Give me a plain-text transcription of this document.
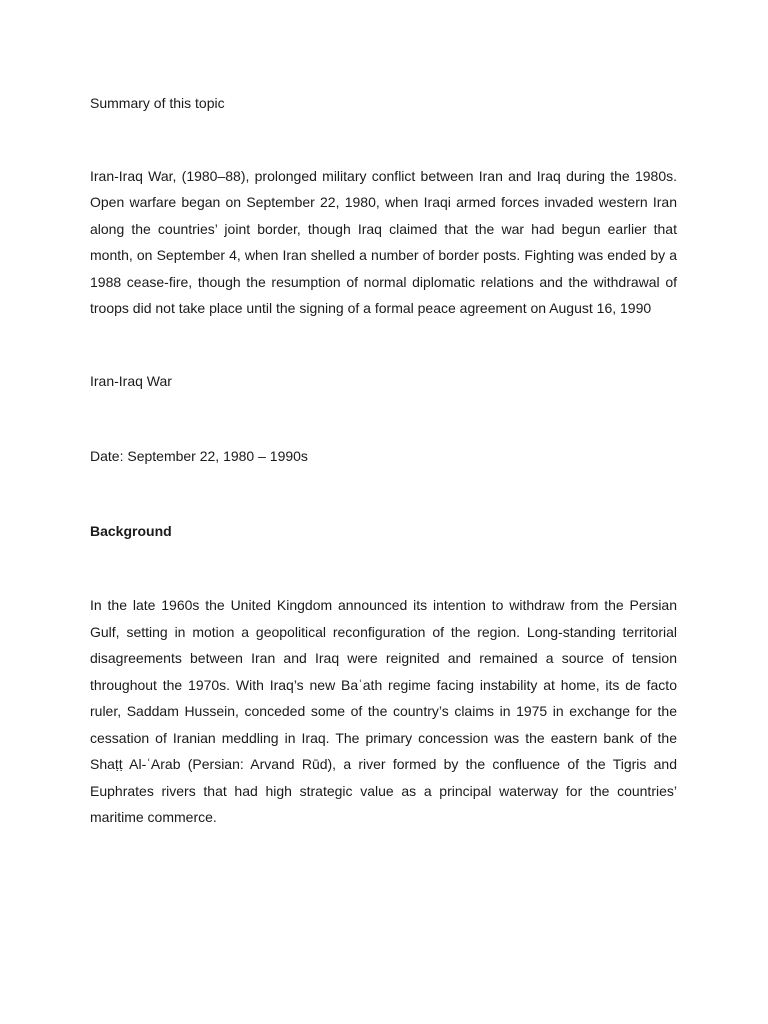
Summary of this topic

Iran-Iraq War, (1980–88), prolonged military conflict between Iran and Iraq during the 1980s. Open warfare began on September 22, 1980, when Iraqi armed forces invaded western Iran along the countries’ joint border, though Iraq claimed that the war had begun earlier that month, on September 4, when Iran shelled a number of border posts. Fighting was ended by a 1988 cease-fire, though the resumption of normal diplomatic relations and the withdrawal of troops did not take place until the signing of a formal peace agreement on August 16, 1990

Iran-Iraq War

Date: September 22, 1980 – 1990s

Background

In the late 1960s the United Kingdom announced its intention to withdraw from the Persian Gulf, setting in motion a geopolitical reconfiguration of the region. Long-standing territorial disagreements between Iran and Iraq were reignited and remained a source of tension throughout the 1970s. With Iraq’s new Baʿath regime facing instability at home, its de facto ruler, Saddam Hussein, conceded some of the country’s claims in 1975 in exchange for the cessation of Iranian meddling in Iraq. The primary concession was the eastern bank of the Shaṭṭ Al-ʿArab (Persian: Arvand Rūd), a river formed by the confluence of the Tigris and Euphrates rivers that had high strategic value as a principal waterway for the countries’ maritime commerce.
